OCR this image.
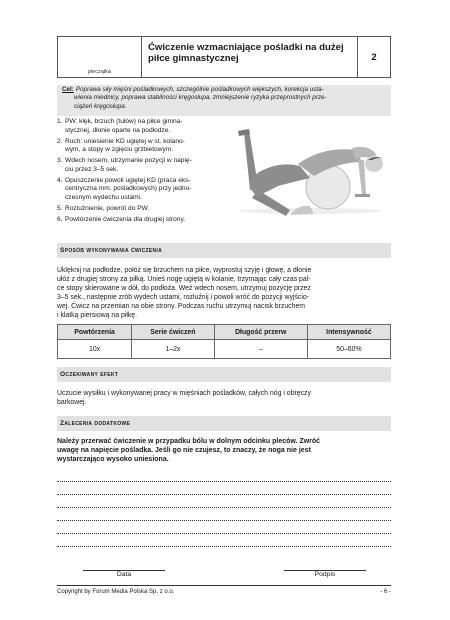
pieczątka
Ćwiczenie wzmacniające pośladki na dużej
piłce gimnastycznej	2
Cel: Poprawa siły mięśni pośladkowych, szczególnie pośladkowych większych, korekcja usta-
wienia miednicy, poprawa stabilności kręgosłupa, zmniejszenie ryzyka przeprostnych prze-
ciążeń kręgosłupa.
1. PW: klęk, brzuch (tułów) na piłce gimna-
stycznej, dłonie oparte na podłodze.
2. Ruch: uniesienie KD ugiętej w st. kolano-
wym, a stopy w zgięciu grzbietowym.
3. Wdech nosem, utrzymanie pozycji w napię-
ciu przez 3–5 sek.
4. Opuszczenie powoli ugiętej KD (praca eks-
centryczna mm. pośladkowych) przy jedno-
czesnym wydechu ustami.
5. Rozluźnienie, powrót do PW.
6. Powtórzenie ćwiczenia dla drugiej strony.
Sposób wykonywania ćwiczenia
Uklęknij na podłodze, połóż się brzuchem na piłce, wyprostuj szyję i głowę, a dłonie
ułóż z drugiej strony za piłką. Unieś nogę ugiętą w kolanie, trzymając cały czas pal-
ce stopy skierowane w dół, do podłoża. Weź wdech nosem, utrzymuj pozycję przez
3–5 sek., następnie zrób wydech ustami, rozluźnij i powoli wróć do pozycji wyjścio-
wej. Ćwicz na przemian na obie strony. Podczas ruchu utrzymuj nacisk brzuchem
i klatką piersiową na piłkę.
Powtórzenia	Serie ćwiczeń	Długość przerw	Intensywność
10x	1–2x	–	50–60%
Oczekiwany efekt
Uczucie wysiłku i wykonywanej pracy w mięśniach pośladków, całych nóg i obręczy
barkowej.
Zalecenia dodatkowe
Należy przerwać ćwiczenie w przypadku bólu w dolnym odcinku pleców. Zwróć
uwagę na napięcie pośladka. Jeśli go nie czujesz, to znaczy, że noga nie jest
wystarczająco wysoko uniesiona.
Data	Podpis
Copyright by Forum Media Polska Sp. z o.o.	- 6 -
